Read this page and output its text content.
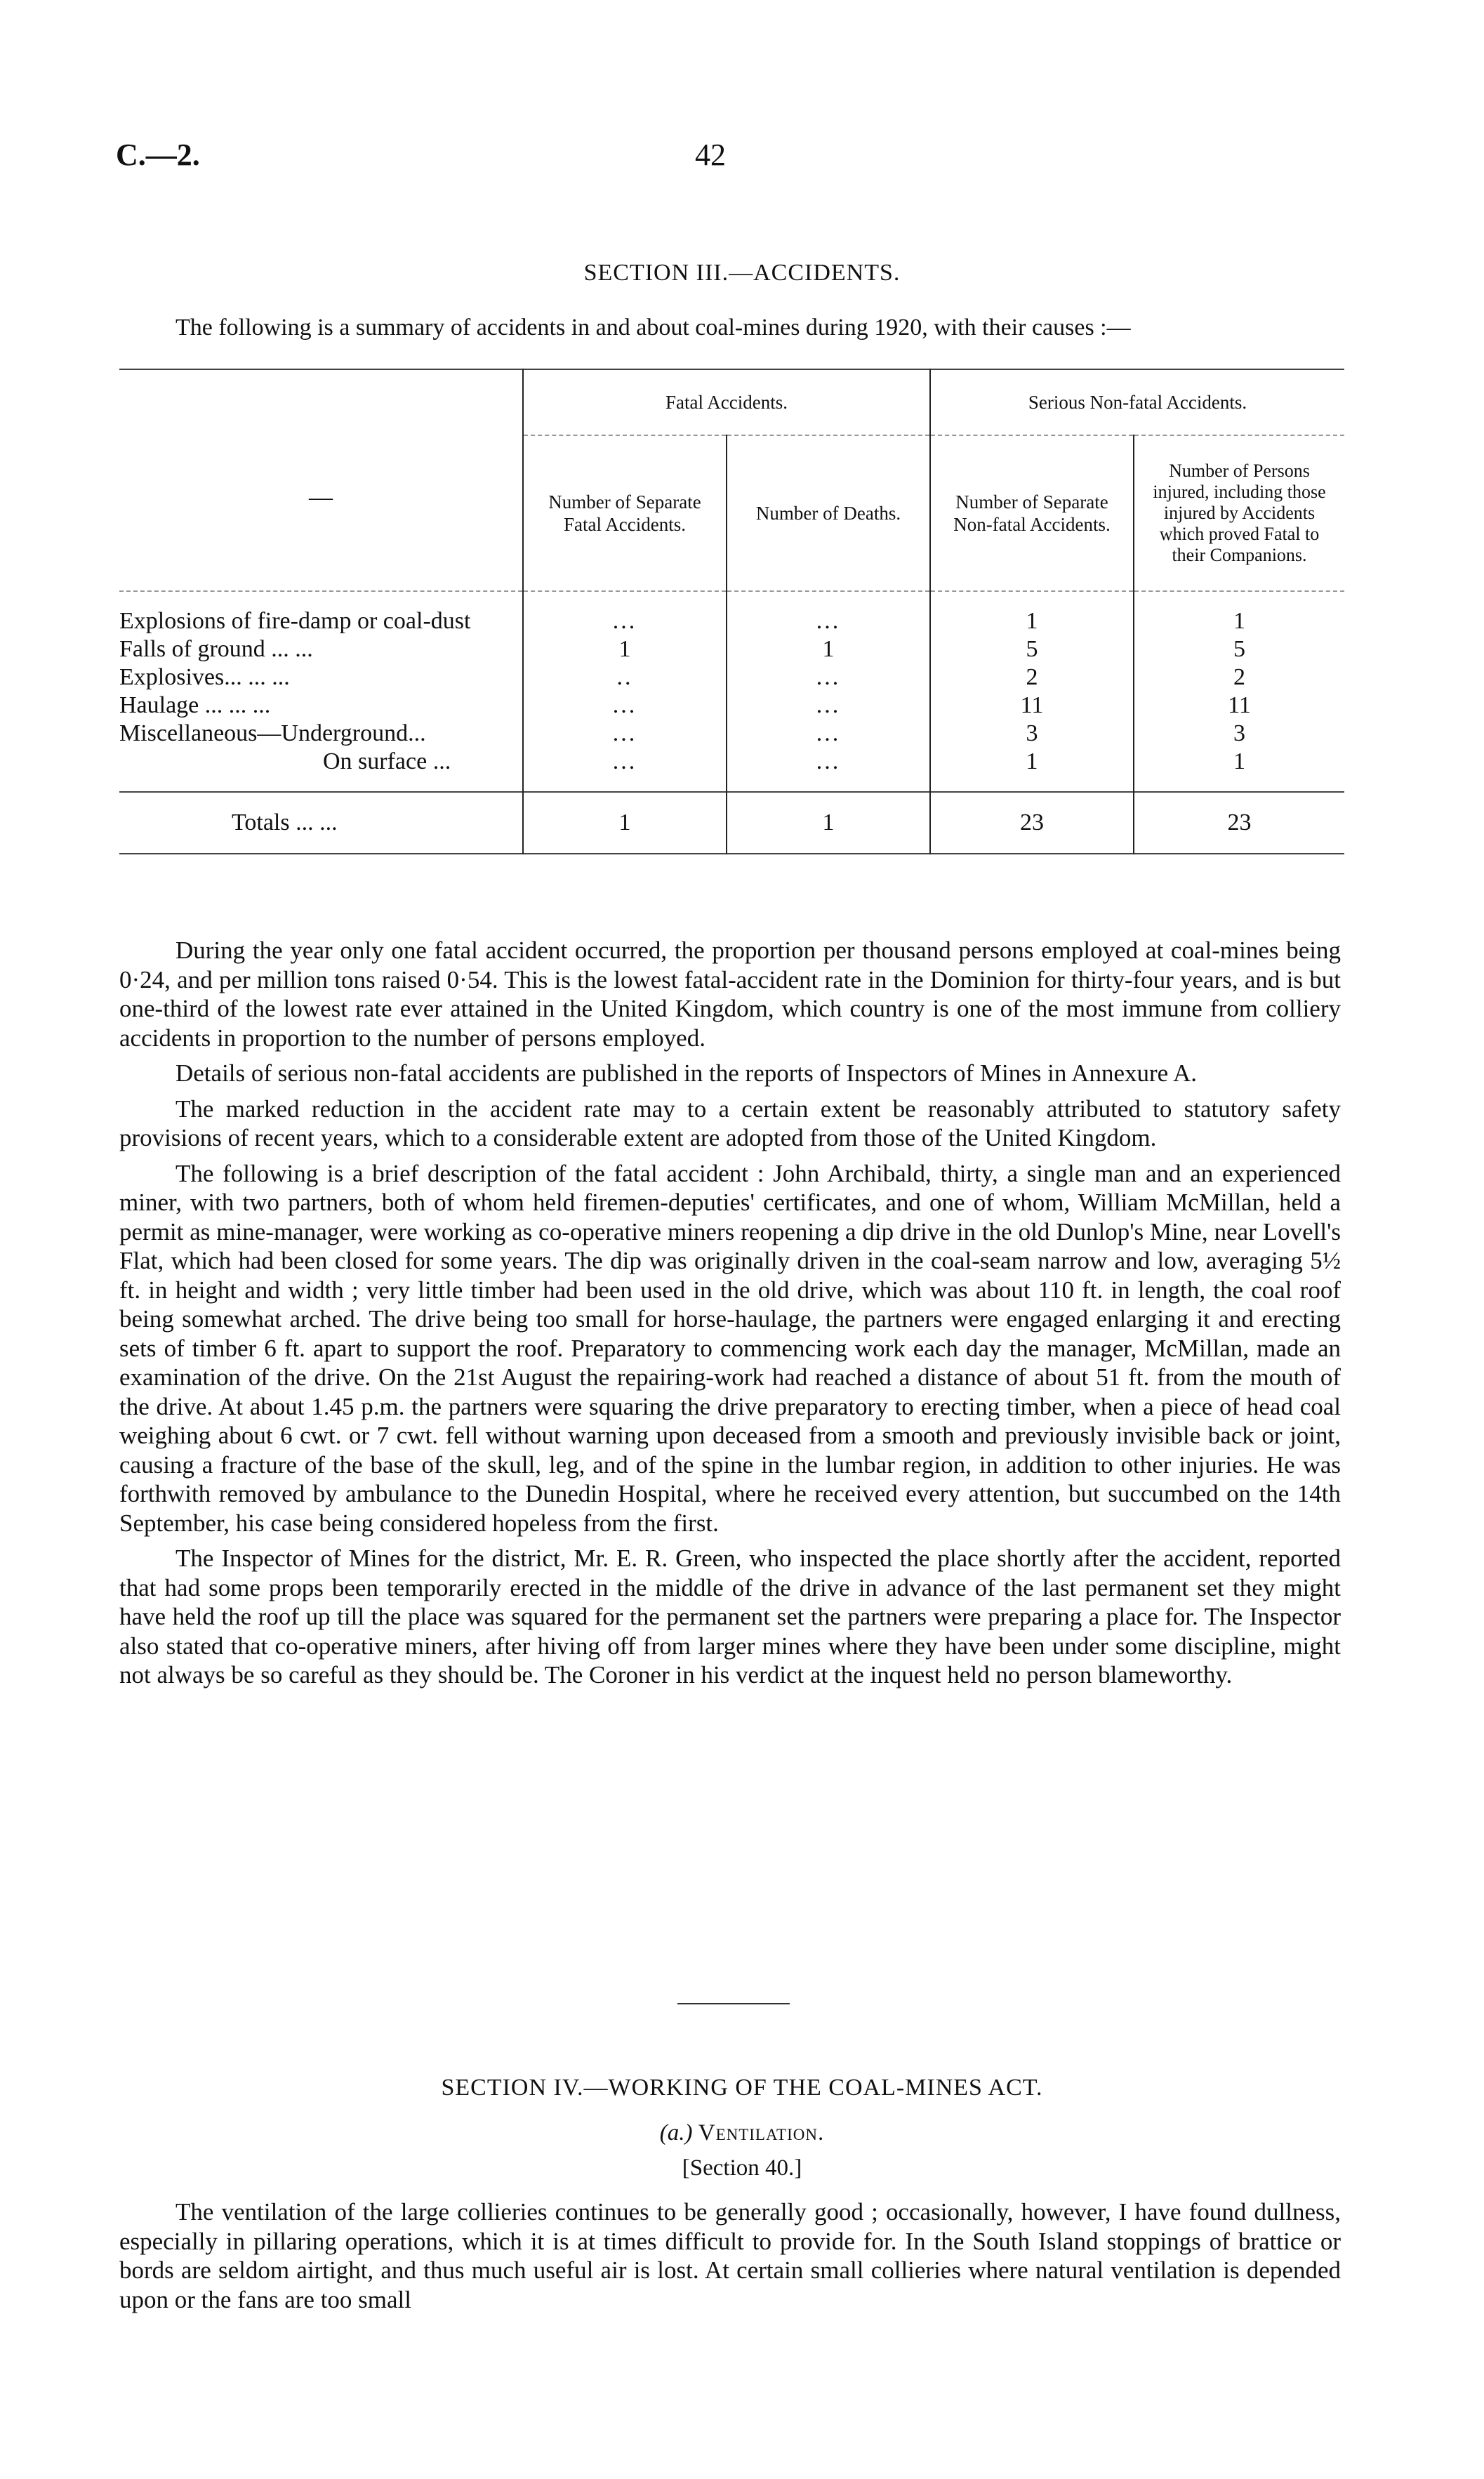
C.—2.	42
SECTION III.—ACCIDENTS.
The following is a summary of accidents in and about coal-mines during 1920, with their causes :—
—	Fatal Accidents.		Serious Non-fatal Accidents.	
	Number of Separate Fatal Accidents.	Number of Deaths.	Number of Separate Non-fatal Accidents.	Number of Persons injured, including those injured by Accidents which proved Fatal to their Companions.
Explosions of fire-damp or coal-dust	...	...	1	1
Falls of ground ... ...	1	1	5	5
Explosives... ... ...	..	...	2	2
Haulage ... ... ...	...	...	11	11
Miscellaneous—Underground...	...	...	3	3
On surface ...	...	...	1	1
Totals ... ...	1	1	23	23

During the year only one fatal accident occurred, the proportion per thousand persons employed at coal-mines being 0·24, and per million tons raised 0·54. This is the lowest fatal-accident rate in the Dominion for thirty-four years, and is but one-third of the lowest rate ever attained in the United Kingdom, which country is one of the most immune from colliery accidents in proportion to the number of persons employed.

Details of serious non-fatal accidents are published in the reports of Inspectors of Mines in Annexure A.

The marked reduction in the accident rate may to a certain extent be reasonably attributed to statutory safety provisions of recent years, which to a considerable extent are adopted from those of the United Kingdom.

The following is a brief description of the fatal accident : John Archibald, thirty, a single man and an experienced miner, with two partners, both of whom held firemen-deputies' certificates, and one of whom, William McMillan, held a permit as mine-manager, were working as co-operative miners reopening a dip drive in the old Dunlop's Mine, near Lovell's Flat, which had been closed for some years. The dip was originally driven in the coal-seam narrow and low, averaging 5½ ft. in height and width ; very little timber had been used in the old drive, which was about 110 ft. in length, the coal roof being somewhat arched. The drive being too small for horse-haulage, the partners were engaged enlarging it and erecting sets of timber 6 ft. apart to support the roof. Preparatory to commencing work each day the manager, McMillan, made an examination of the drive. On the 21st August the repairing-work had reached a distance of about 51 ft. from the mouth of the drive. At about 1.45 p.m. the partners were squaring the drive preparatory to erecting timber, when a piece of head coal weighing about 6 cwt. or 7 cwt. fell without warning upon deceased from a smooth and previously invisible back or joint, causing a fracture of the base of the skull, leg, and of the spine in the lumbar region, in addition to other injuries. He was forthwith removed by ambulance to the Dunedin Hospital, where he received every attention, but succumbed on the 14th September, his case being considered hopeless from the first.

The Inspector of Mines for the district, Mr. E. R. Green, who inspected the place shortly after the accident, reported that had some props been temporarily erected in the middle of the drive in advance of the last permanent set they might have held the roof up till the place was squared for the permanent set the partners were preparing a place for. The Inspector also stated that co-operative miners, after hiving off from larger mines where they have been under some discipline, might not always be so careful as they should be. The Coroner in his verdict at the inquest held no person blameworthy.

SECTION IV.—WORKING OF THE COAL-MINES ACT.
(a.) Ventilation.
[Section 40.]

The ventilation of the large collieries continues to be generally good ; occasionally, however, I have found dullness, especially in pillaring operations, which it is at times difficult to provide for. In the South Island stoppings of brattice or bords are seldom airtight, and thus much useful air is lost. At certain small collieries where natural ventilation is depended upon or the fans are too small
